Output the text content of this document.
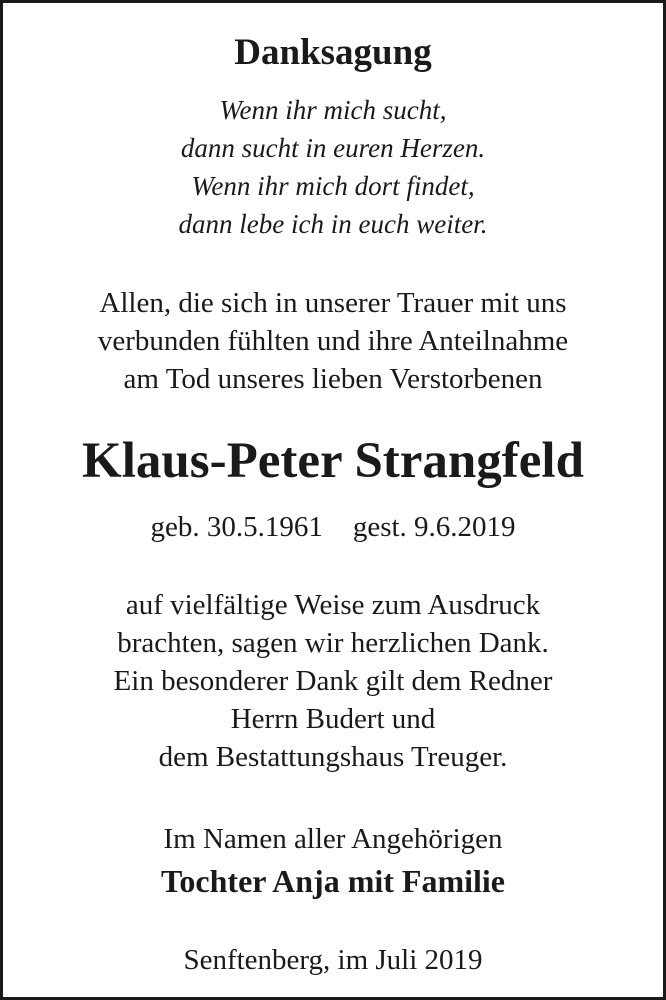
Danksagung
Wenn ihr mich sucht,
dann sucht in euren Herzen.
Wenn ihr mich dort findet,
dann lebe ich in euch weiter.
Allen, die sich in unserer Trauer mit uns
verbunden fühlten und ihre Anteilnahme
am Tod unseres lieben Verstorbenen
Klaus-Peter Strangfeld
geb. 30.5.1961 gest. 9.6.2019
auf vielfältige Weise zum Ausdruck
brachten, sagen wir herzlichen Dank.
Ein besonderer Dank gilt dem Redner
Herrn Budert und
dem Bestattungshaus Treuger.
Im Namen aller Angehörigen
Tochter Anja mit Familie
Senftenberg, im Juli 2019
